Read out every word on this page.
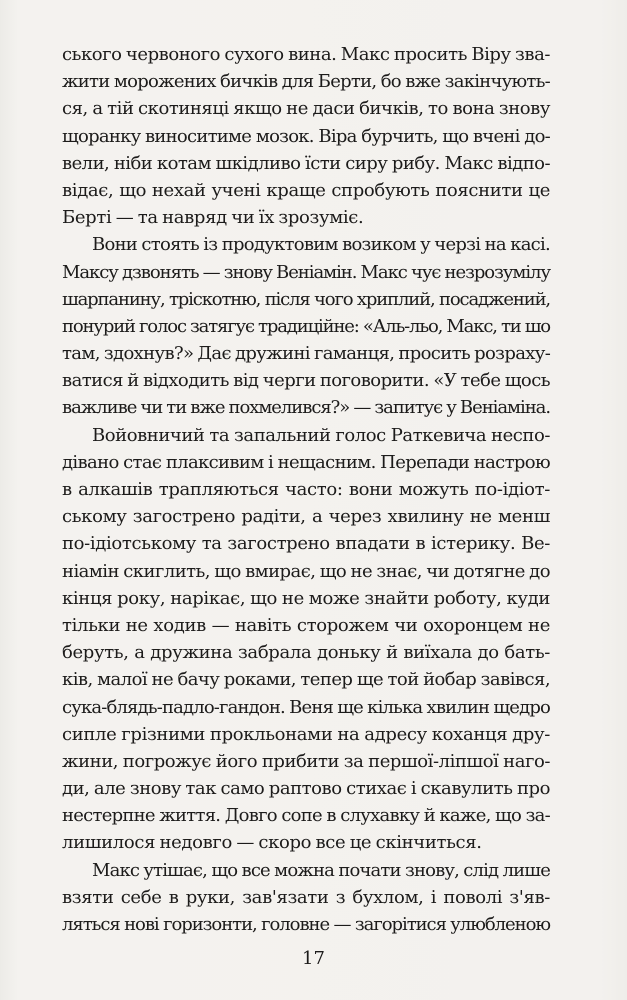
ського червоного сухого вина. Макс просить Віру зва-
жити морожених бичків для Берти, бо вже закінчують-
ся, а тій скотиняці якщо не даси бичків, то вона знову
щоранку виноситиме мозок. Віра бурчить, що вчені до-
вели, ніби котам шкідливо їсти сиру рибу. Макс відпо-
відає, що нехай учені краще спробують пояснити це
Берті — та навряд чи їх зрозуміє.
Вони стоять із продуктовим возиком у черзі на касі.
Максу дзвонять — знову Веніамін. Макс чує незрозумілу
шарпанину, тріскотню, після чого хриплий, посаджений,
понурий голос затягує традиційне: «Аль-льо, Макс, ти шо
там, здохнув?» Дає дружині гаманця, просить розраху-
ватися й відходить від черги поговорити. «У тебе щось
важливе чи ти вже похмелився?» — запитує у Веніаміна.
Войовничий та запальний голос Раткевича неспо-
дівано стає плаксивим і нещасним. Перепади настрою
в алкашів трапляються часто: вони можуть по-ідіот-
ському загострено радіти, а через хвилину не менш
по-ідіотському та загострено впадати в істерику. Ве-
ніамін скиглить, що вмирає, що не знає, чи дотягне до
кінця року, нарікає, що не може знайти роботу, куди
тільки не ходив — навіть сторожем чи охоронцем не
беруть, а дружина забрала доньку й виїхала до бать-
ків, малої не бачу роками, тепер ще той йобар завівся,
сука-блядь-падло-гандон. Веня ще кілька хвилин щедро
сипле грізними прокльонами на адресу коханця дру-
жини, погрожує його прибити за першої-ліпшої наго-
ди, але знову так само раптово стихає і скавулить про
нестерпне життя. Довго сопе в слухавку й каже, що за-
лишилося недовго — скоро все це скінчиться.
Макс утішає, що все можна почати знову, слід лише
взяти себе в руки, зав'язати з бухлом, і поволі з'яв-
ляться нові горизонти, головне — загорітися улюбленою
17
